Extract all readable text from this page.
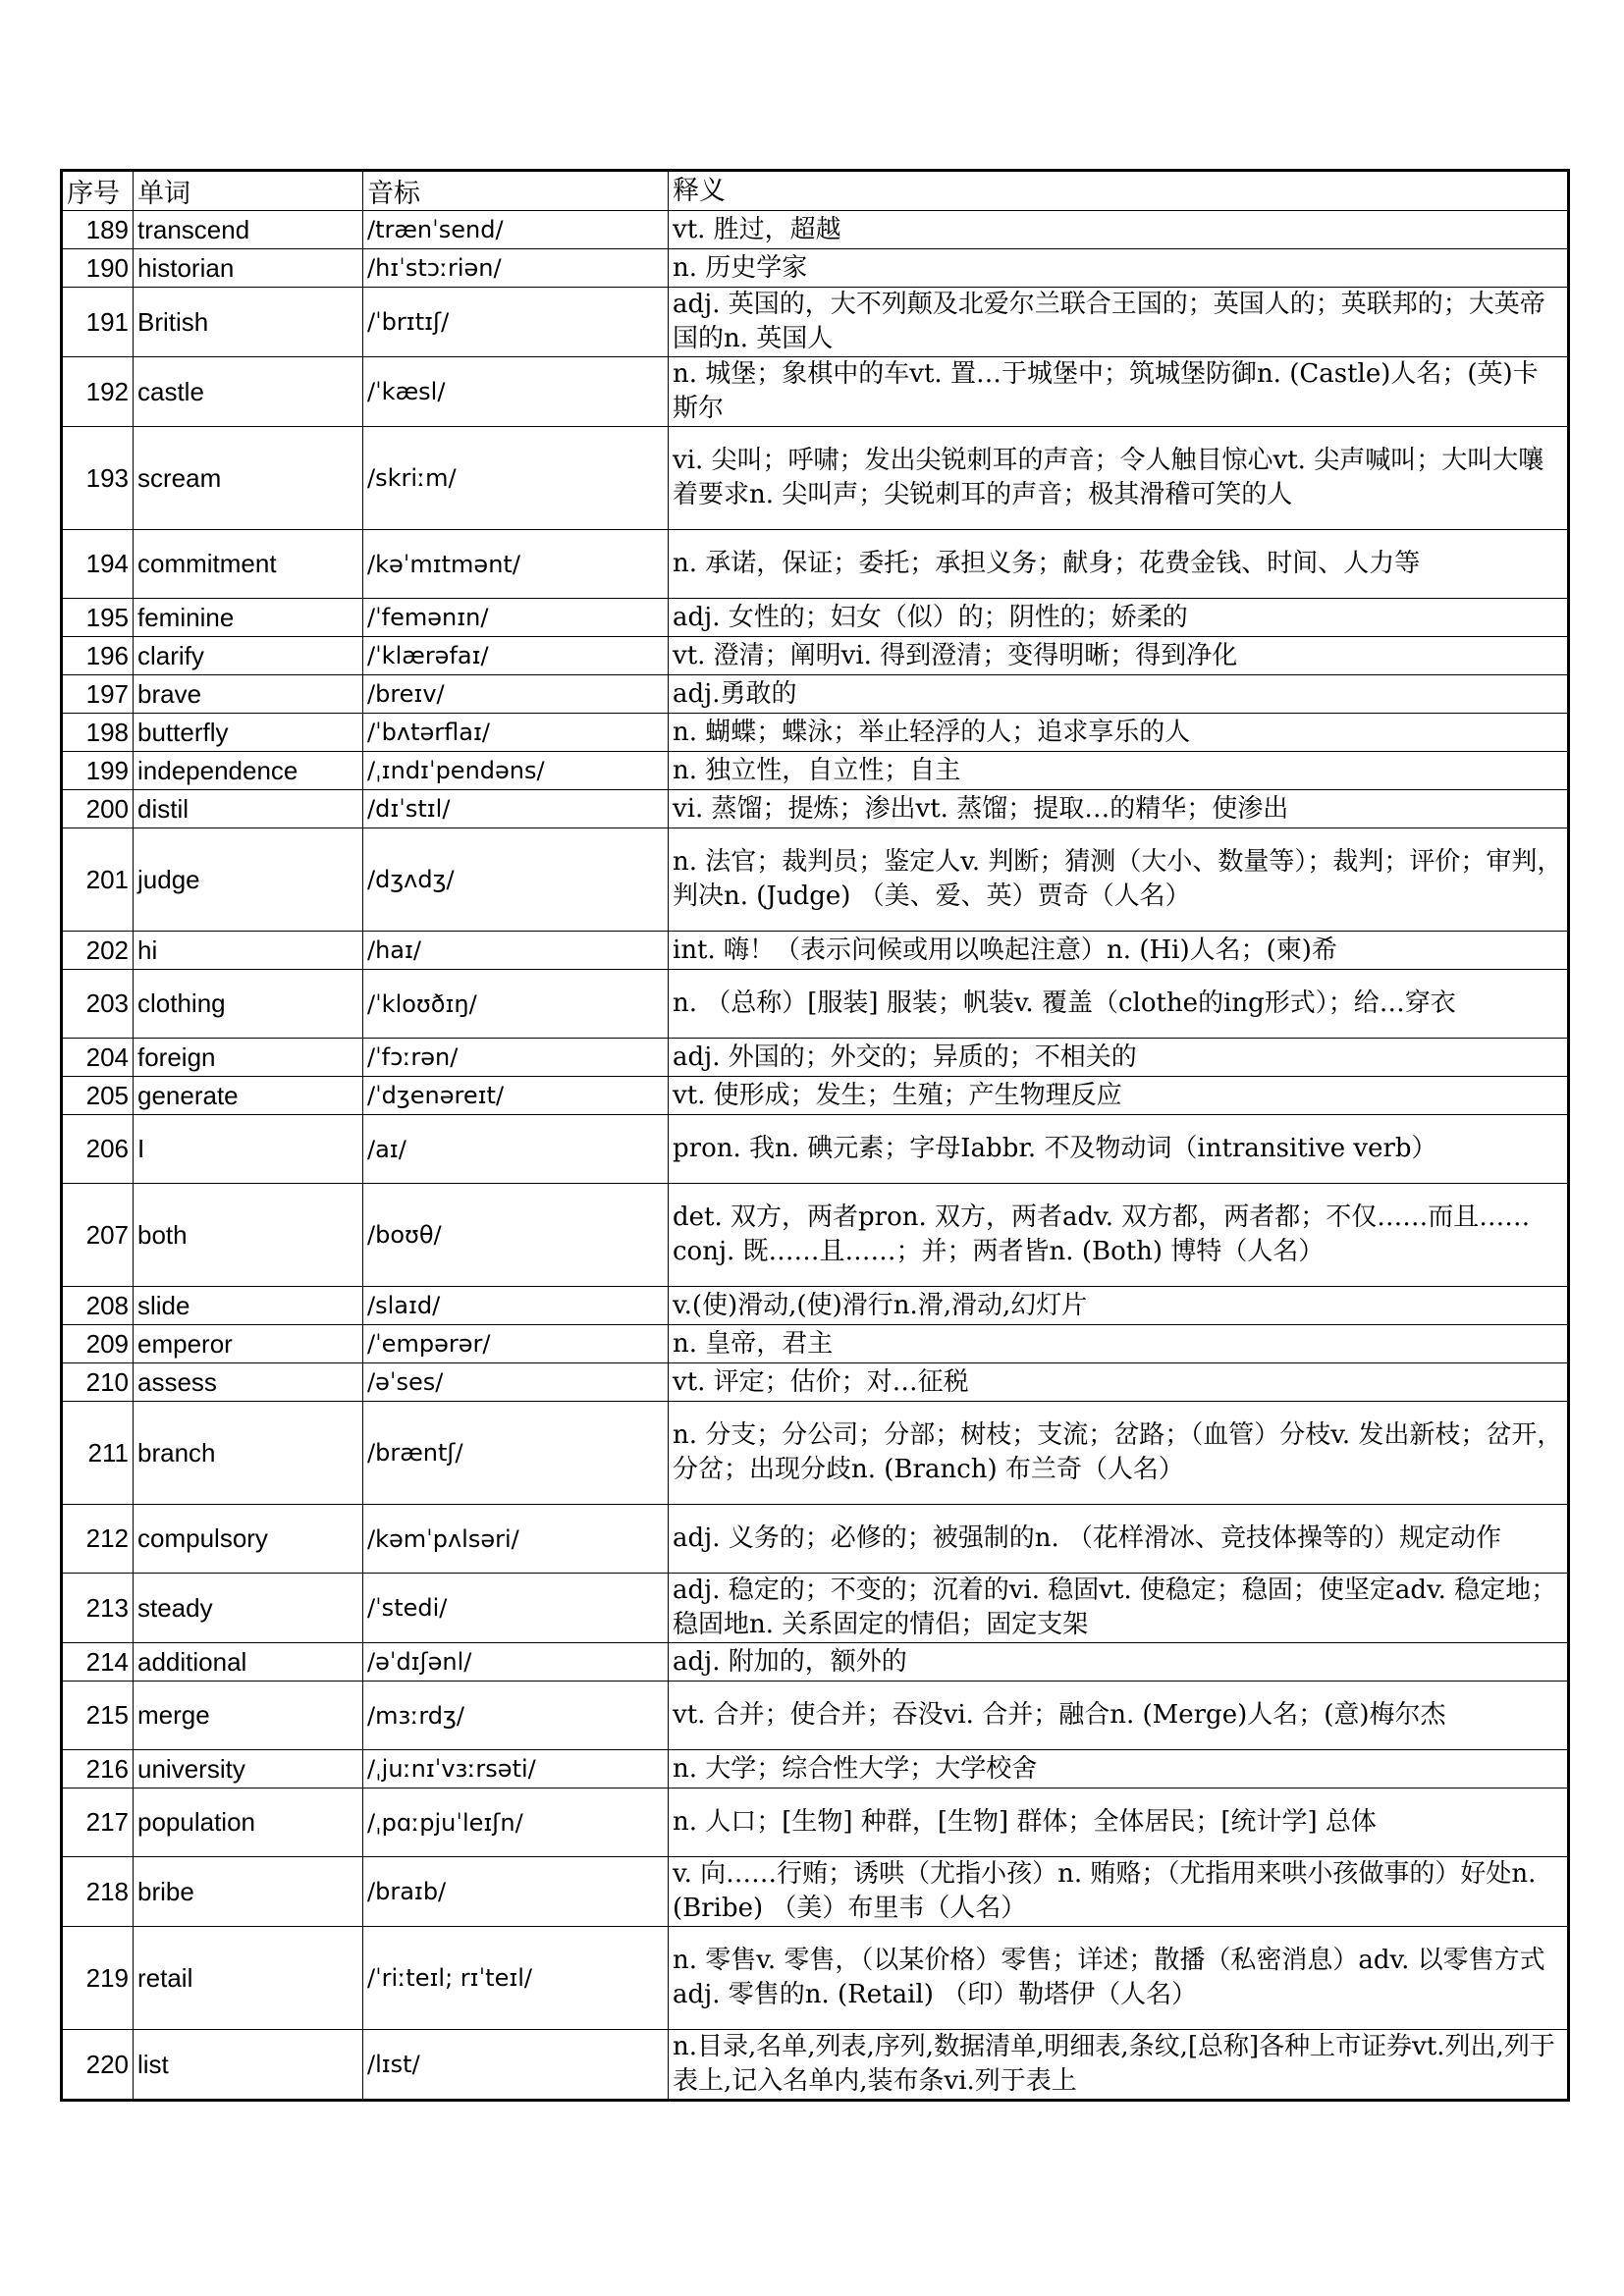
序号	单词	音标	释义
189	transcend	/trænˈsend/	vt. 胜过，超越
190	historian	/hɪˈstɔːriən/	n. 历史学家
191	British	/ˈbrɪtɪʃ/	adj. 英国的，大不列颠及北爱尔兰联合王国的；英国人的；英联邦的；大英帝国的n. 英国人
192	castle	/ˈkæsl/	n. 城堡；象棋中的车vt. 置…于城堡中；筑城堡防御n. (Castle)人名；(英)卡斯尔
193	scream	/skriːm/	vi. 尖叫；呼啸；发出尖锐刺耳的声音；令人触目惊心vt. 尖声喊叫；大叫大嚷着要求n. 尖叫声；尖锐刺耳的声音；极其滑稽可笑的人
194	commitment	/kəˈmɪtmənt/	n. 承诺，保证；委托；承担义务；献身；花费金钱、时间、人力等
195	feminine	/ˈfemənɪn/	adj. 女性的；妇女（似）的；阴性的；娇柔的
196	clarify	/ˈklærəfaɪ/	vt. 澄清；阐明vi. 得到澄清；变得明晰；得到净化
197	brave	/breɪv/	adj.勇敢的
198	butterfly	/ˈbʌtərflaɪ/	n. 蝴蝶；蝶泳；举止轻浮的人；追求享乐的人
199	independence	/ˌɪndɪˈpendəns/	n. 独立性，自立性；自主
200	distil	/dɪˈstɪl/	vi. 蒸馏；提炼；渗出vt. 蒸馏；提取…的精华；使渗出
201	judge	/dʒʌdʒ/	n. 法官；裁判员；鉴定人v. 判断；猜测（大小、数量等）；裁判；评价；审判，判决n. (Judge) （美、爱、英）贾奇（人名）
202	hi	/haɪ/	int. 嗨！（表示问候或用以唤起注意）n. (Hi)人名；(柬)希
203	clothing	/ˈkloʊðɪŋ/	n. （总称）[服装] 服装；帆装v. 覆盖（clothe的ing形式）；给…穿衣
204	foreign	/ˈfɔːrən/	adj. 外国的；外交的；异质的；不相关的
205	generate	/ˈdʒenəreɪt/	vt. 使形成；发生；生殖；产生物理反应
206	I	/aɪ/	pron. 我n. 碘元素；字母Iabbr. 不及物动词（intransitive verb）
207	both	/boʊθ/	det. 双方，两者pron. 双方，两者adv. 双方都，两者都；不仅……而且……conj. 既……且……；并；两者皆n. (Both) 博特（人名）
208	slide	/slaɪd/	v.(使)滑动,(使)滑行n.滑,滑动,幻灯片
209	emperor	/ˈempərər/	n. 皇帝，君主
210	assess	/əˈses/	vt. 评定；估价；对…征税
211	branch	/bræntʃ/	n. 分支；分公司；分部；树枝；支流；岔路；（血管）分枝v. 发出新枝；岔开，分岔；出现分歧n. (Branch) 布兰奇（人名）
212	compulsory	/kəmˈpʌlsəri/	adj. 义务的；必修的；被强制的n. （花样滑冰、竞技体操等的）规定动作
213	steady	/ˈstedi/	adj. 稳定的；不变的；沉着的vi. 稳固vt. 使稳定；稳固；使坚定adv. 稳定地；稳固地n. 关系固定的情侣；固定支架
214	additional	/əˈdɪʃənl/	adj. 附加的，额外的
215	merge	/mɜːrdʒ/	vt. 合并；使合并；吞没vi. 合并；融合n. (Merge)人名；(意)梅尔杰
216	university	/ˌjuːnɪˈvɜːrsəti/	n. 大学；综合性大学；大学校舍
217	population	/ˌpɑːpjuˈleɪʃn/	n. 人口；[生物] 种群，[生物] 群体；全体居民；[统计学] 总体
218	bribe	/braɪb/	v. 向……行贿；诱哄（尤指小孩）n. 贿赂；（尤指用来哄小孩做事的）好处n. (Bribe) （美）布里韦（人名）
219	retail	/ˈriːteɪl; rɪˈteɪl/	n. 零售v. 零售，（以某价格）零售；详述；散播（私密消息）adv. 以零售方式adj. 零售的n. (Retail) （印）勒塔伊（人名）
220	list	/lɪst/	n.目录,名单,列表,序列,数据清单,明细表,条纹,[总称]各种上市证券vt.列出,列于表上,记入名单内,装布条vi.列于表上
